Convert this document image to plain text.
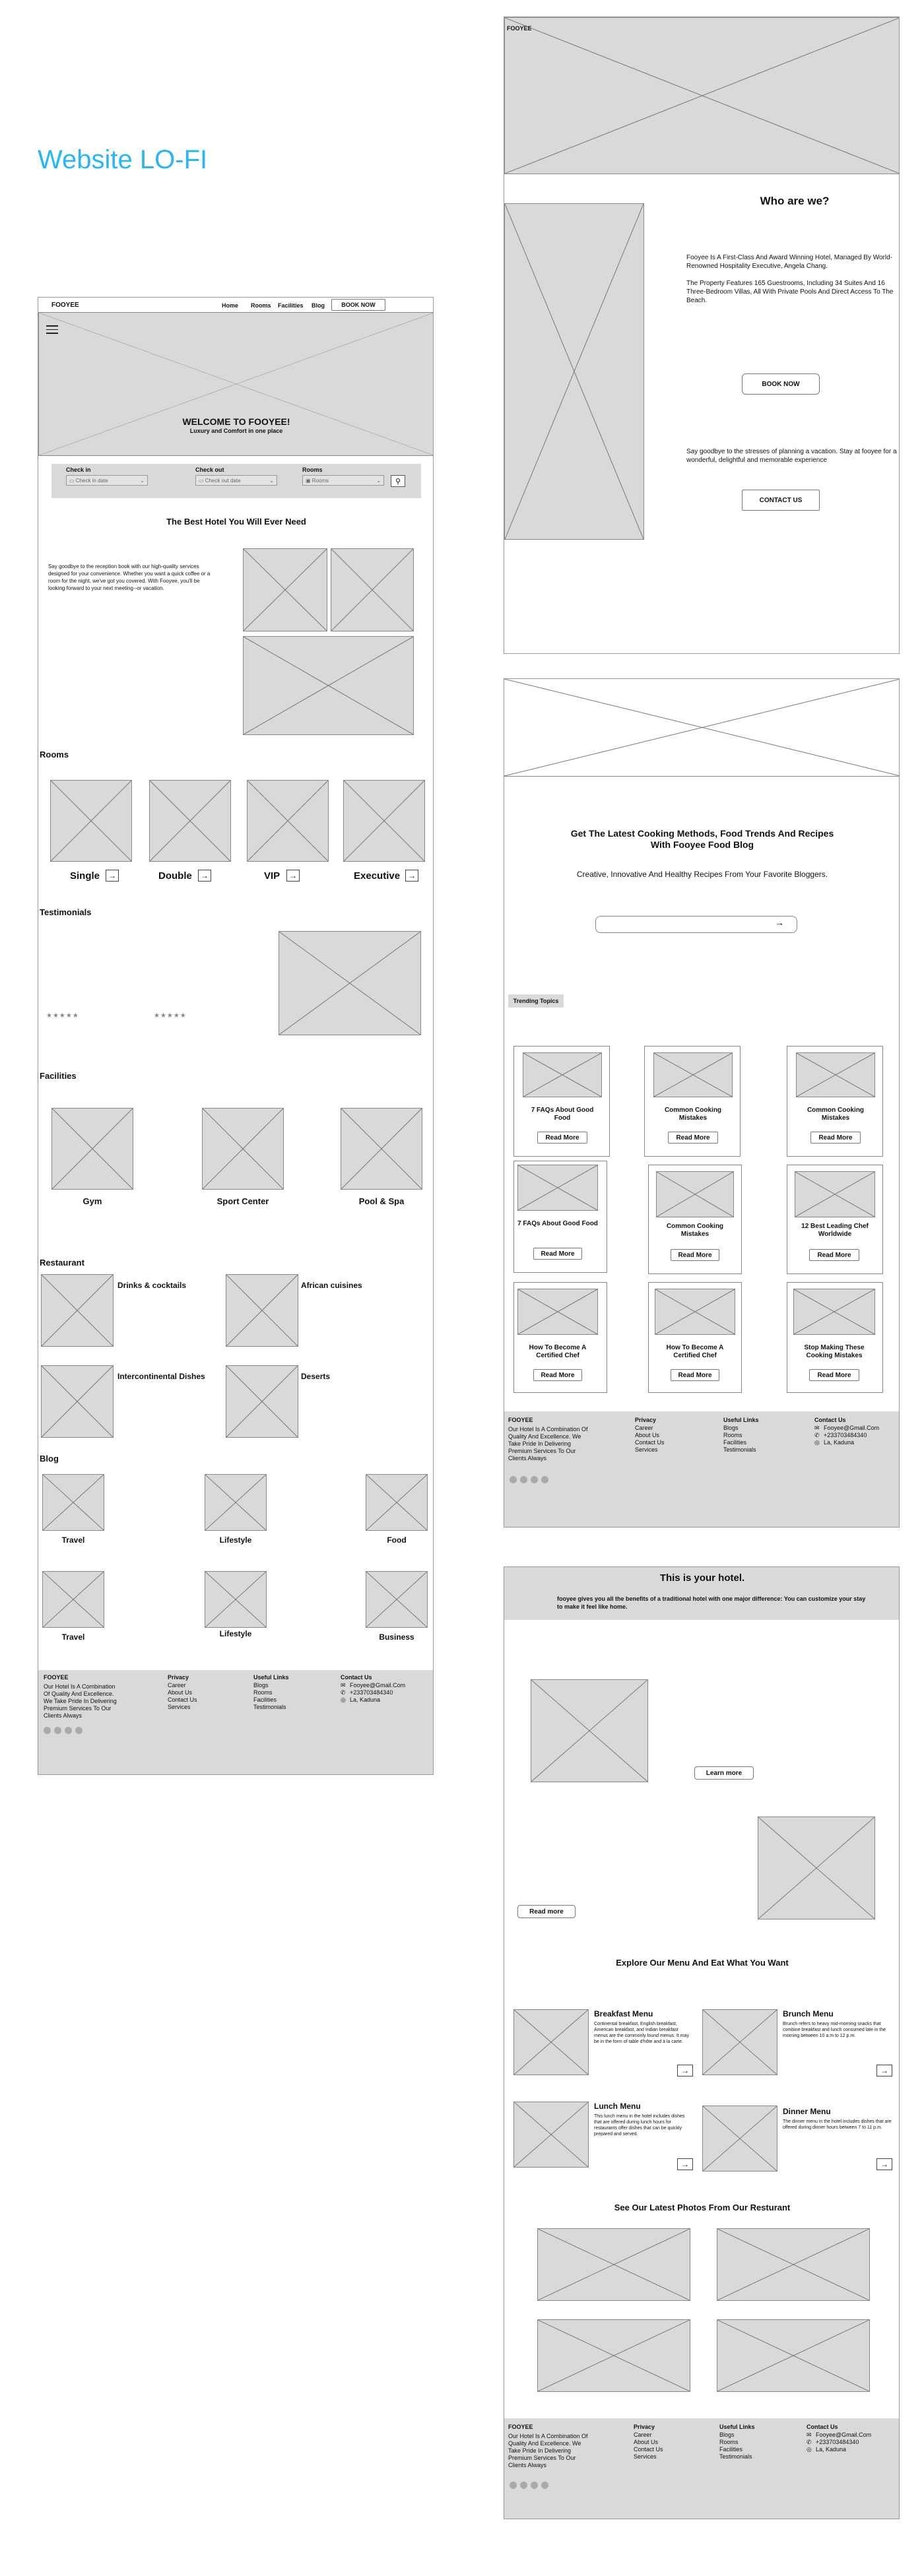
Website LO-FI
FOOYEE	Home Rooms Facilities Blog	BOOK NOW
WELCOME TO FOOYEE!
Luxury and Comfort in one place
Check in
▭ Check in date	⌄
Check out
▭ Check out date	⌄
Rooms
▣ Rooms	⌄	⚲
The Best Hotel You Will Ever Need
Say goodbye to the reception book with our high-quality services designed for your convenience. Whether you want a quick coffee or a room for the night, we've got you covered. With Fooyee, you'll be looking forward to your next meeting--or vacation.
Rooms
Single	→	Double	→	VIP	→	Executive →
Testimonials
★★★★★	★★★★★
Facilities
Gym	Sport Center	Pool & Spa
Restaurant
Drinks & cocktails	African cuisines
Intercontinental Dishes	Deserts
Blog
Travel	Lifestyle	Food
Travel	Lifestyle	Business
FOOYEE
Our Hotel Is A Combination Of Quality And Excellence. We Take Pride In Delivering Premium Services To Our Clients Always
Privacy
Career
About Us
Contact Us
Services
Useful Links
Blogs
Rooms
Facilities
Testimonials
Contact Us
✉ Fooyee@Gmail.Com
✆ +233703484340
◎ La, Kaduna
FOOYEE
Who are we?
Fooyee Is A First-Class And Award Winning Hotel, Managed By World-Renowned Hospitality Executive, Angela Chang.
The Property Features 165 Guestrooms, Including 34 Suites And 16 Three-Bedroom Villas, All With Private Pools And Direct Access To The Beach.
BOOK NOW
Say goodbye to the stresses of planning a vacation. Stay at fooyee for a wonderful, delightful and memorable experience
CONTACT US
Get The Latest Cooking Methods, Food Trends And Recipes With Fooyee Food Blog
Creative, Innovative And Healthy Recipes From Your Favorite Bloggers.
→
Trending Topics
7 FAQs About Good Food
Read More
Common Cooking Mistakes
Read More
Common Cooking Mistakes
Read More
7 FAQs About Good Food
Read More
Common Cooking Mistakes
Read More
12 Best Leading Chef Worldwide
Read More
How To Become A Certified Chef
Read More
How To Become A Certified Chef
Read More
Stop Making These Cooking Mistakes
Read More
FOOYEE
Our Hotel Is A Combination Of Quality And Excellence. We Take Pride In Delivering Premium Services To Our Clients Always
Privacy
Career
About Us
Contact Us
Services
Useful Links
Blogs
Rooms
Facilities
Testimonials
Contact Us
✉ Fooyee@Gmail.Com
✆ +233703484340
◎ La, Kaduna
This is your hotel.
fooyee gives you all the benefits of a traditional hotel with one major difference: You can customize your stay to make it feel like home.
Learn more
Read more
Explore Our Menu And Eat What You Want
Breakfast Menu
Continental breakfast, English breakfast, American breakfast, and Indian breakfast menus are the commonly found menus. It may be in the form of table d'hôte and à la carte.
→
Brunch Menu
Brunch refers to heavy mid-morning snacks that combine breakfast and lunch consumed late in the morning between 10 a.m to 12 p.m.
→
Lunch Menu
This lunch menu in the hotel includes dishes that are offered during lunch hours for restaurants offer dishes that can be quickly prepared and served.
→
Dinner Menu
The dinner menu in the hotel includes dishes that are offered during dinner hours between 7 to 11 p.m.
→
See Our Latest Photos From Our Resturant
FOOYEE
Our Hotel Is A Combination Of Quality And Excellence. We Take Pride In Delivering Premium Services To Our Clients Always
Privacy
Career
About Us
Contact Us
Services
Useful Links
Blogs
Rooms
Facilities
Testimonials
Contact Us
✉ Fooyee@Gmail.Com
✆ +233703484340
◎ La, Kaduna
